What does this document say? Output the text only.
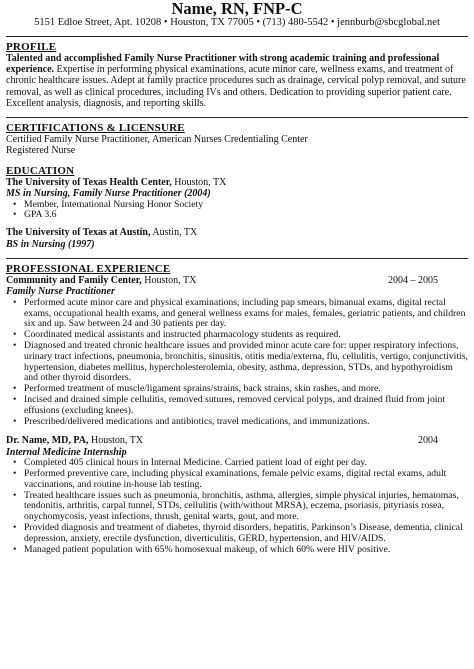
Name, RN, FNP-C
5151 Edloe Street, Apt. 10208 • Houston, TX 77005 • (713) 480-5542 • jennburb@sbcglobal.net
PROFILE
Talented and accomplished Family Nurse Practitioner with strong academic training and professional experience. Expertise in performing physical examinations, acute minor care, wellness exams, and treatment of chronic healthcare issues. Adept at family practice procedures such as drainage, cervical polyp removal, and suture removal, as well as clinical procedures, including IVs and others. Dedication to providing superior patient care. Excellent analysis, diagnosis, and reporting skills.
CERTIFICATIONS & LICENSURE
Certified Family Nurse Practitioner, American Nurses Credentialing Center
Registered Nurse
EDUCATION
The University of Texas Health Center, Houston, TX
MS in Nursing, Family Nurse Practitioner (2004)
• Member, International Nursing Honor Society
• GPA 3.6
The University of Texas at Austin, Austin, TX
BS in Nursing (1997)
PROFESSIONAL EXPERIENCE
Community and Family Center, Houston, TX	2004 – 2005
Family Nurse Practitioner
• Performed acute minor care and physical examinations, including pap smears, bimanual exams, digital rectal exams, occupational health exams, and general wellness exams for males, females, geriatric patients, and children six and up. Saw between 24 and 30 patients per day.
• Coordinated medical assistants and instructed pharmacology students as required.
• Diagnosed and treated chronic healthcare issues and provided minor acute care for: upper respiratory infections, urinary tract infections, pneumonia, bronchitis, sinusitis, otitis media/externa, flu, cellulitis, vertigo, conjunctivitis, hypertension, diabetes mellitus, hypercholesterolemia, obesity, asthma, depression, STDs, and hypothyroidism and other thyroid disorders.
• Performed treatment of muscle/ligament sprains/strains, back strains, skin rashes, and more.
• Incised and drained simple cellulitis, removed sutures, removed cervical polyps, and drained fluid from joint effusions (excluding knees).
• Prescribed/delivered medications and antibiotics, travel medications, and immunizations.
Dr. Name, MD, PA, Houston, TX	2004
Internal Medicine Internship
• Completed 405 clinical hours in Internal Medicine. Carried patient load of eight per day.
• Performed preventive care, including physical examinations, female pelvic exams, digital rectal exams, adult vaccinations, and routine in-house lab testing.
• Treated healthcare issues such as pneumonia, bronchitis, asthma, allergies, simple physical injuries, hematomas, tendonitis, arthritis, carpal tunnel, STDs, cellulitis (with/without MRSA), eczema, psoriasis, pityriasis rosea, onychomycosis, yeast infections, thrush, genital warts, gout, and more.
• Provided diagnosis and treatment of diabetes, thyroid disorders, hepatitis, Parkinson’s Disease, dementia, clinical depression, anxiety, erectile dysfunction, diverticulitis, GERD, hypertension, and HIV/AIDS.
• Managed patient population with 65% homosexual makeup, of which 60% were HIV positive.
